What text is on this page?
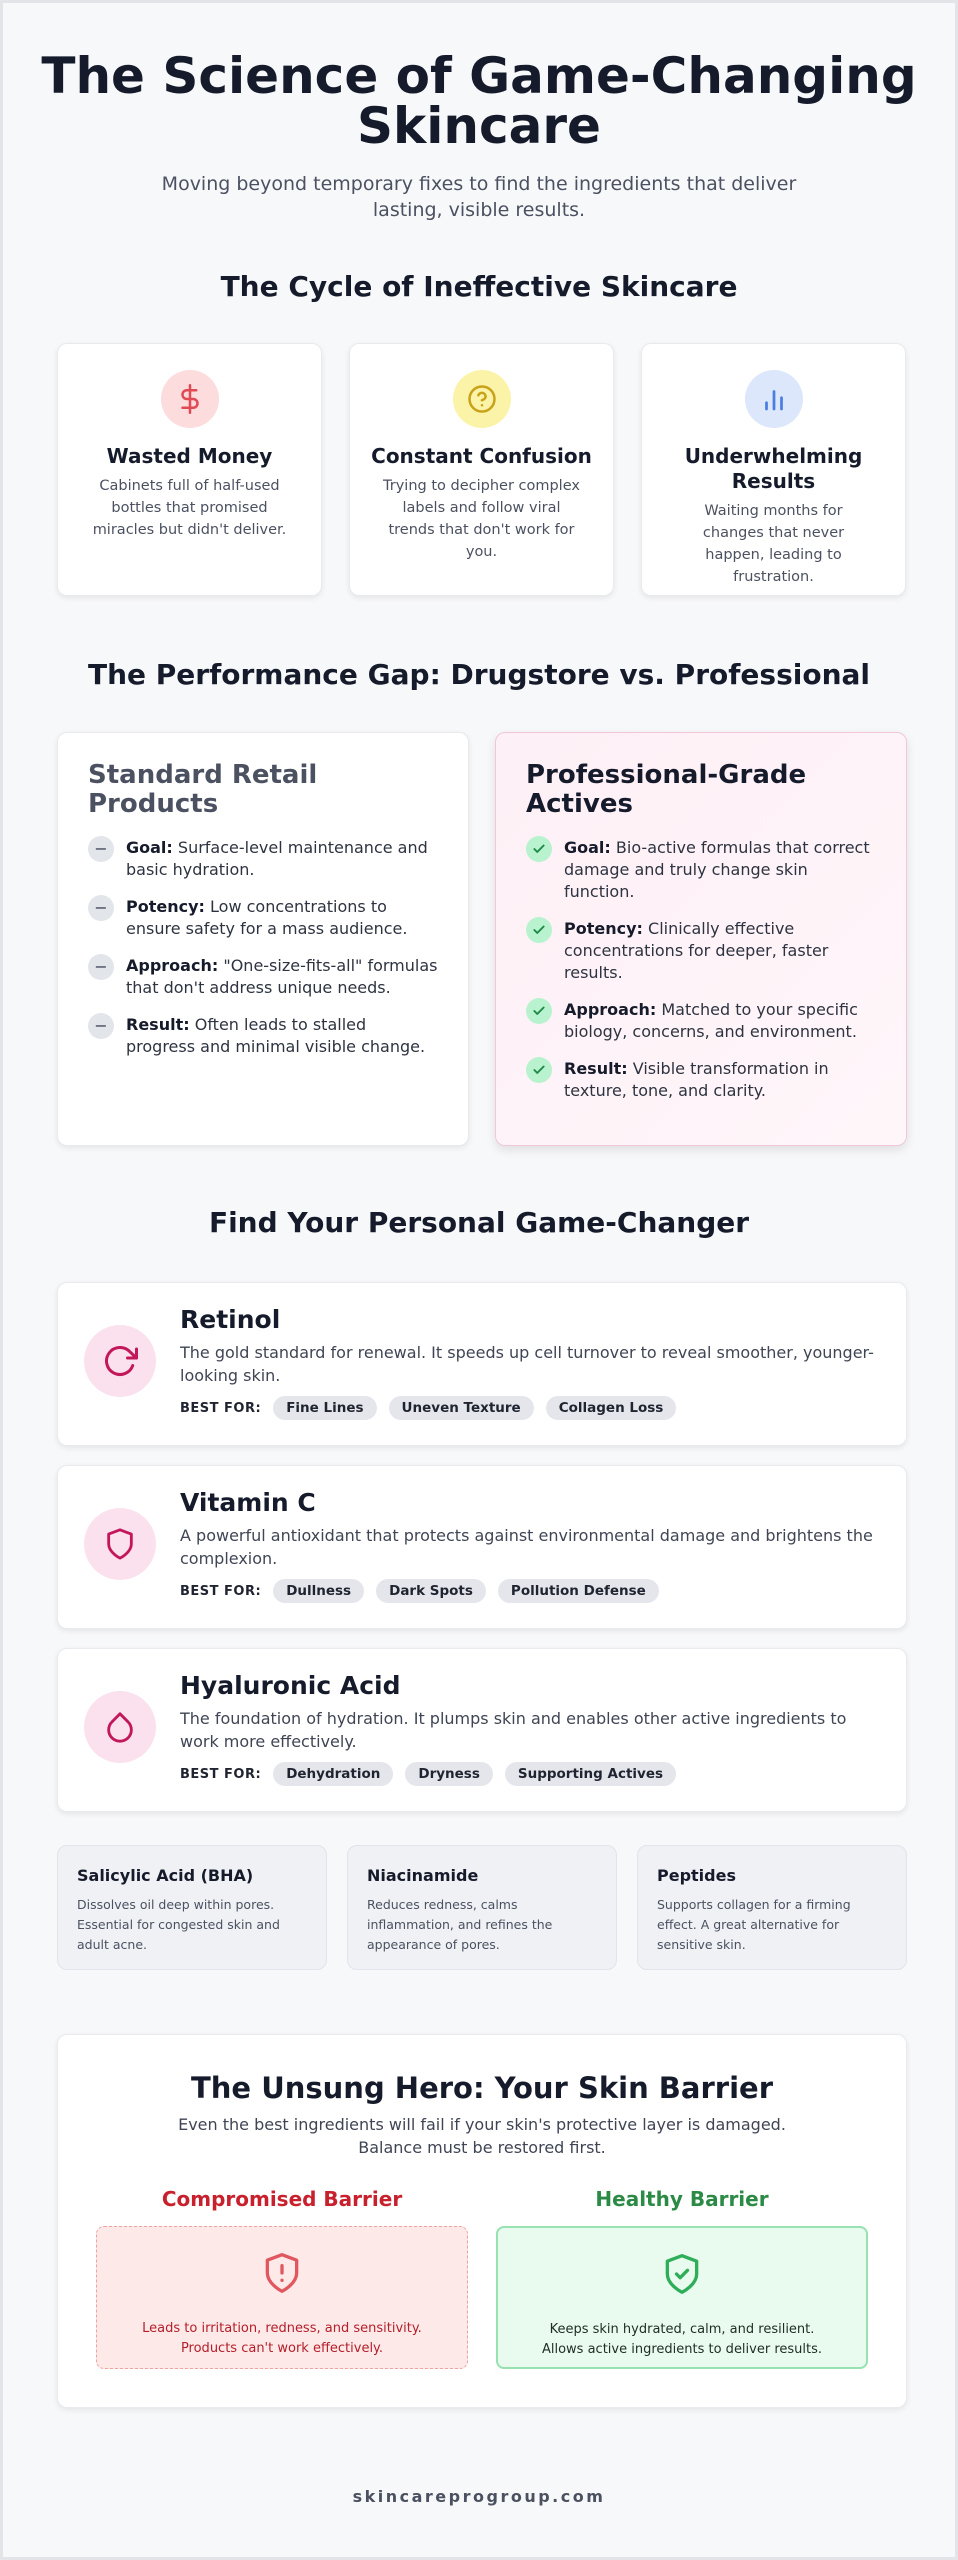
The Science of Game-Changing
Skincare

Moving beyond temporary fixes to find the ingredients that deliver lasting, visible results.

The Cycle of Ineffective Skincare
Wasted Money
Cabinets full of half-used bottles that promised miracles but didn't deliver.
Constant Confusion
Trying to decipher complex labels and follow viral trends that don't work for you.
Underwhelming Results
Waiting months for changes that never happen, leading to frustration.
The Performance Gap: Drugstore vs. Professional
Standard Retail Products
−	Goal: Surface-level maintenance and basic hydration.
−	Potency: Low concentrations to ensure safety for a mass audience.
−	Approach: "One-size-fits-all" formulas that don't address unique needs.
−	Result: Often leads to stalled progress and minimal visible change.
Professional-Grade Actives
Goal: Bio-active formulas that correct damage and truly change skin function.
Potency: Clinically effective concentrations for deeper, faster results.
Approach: Matched to your specific biology, concerns, and environment.
Result: Visible transformation in texture, tone, and clarity.
Find Your Personal Game-Changer
Retinol
The gold standard for renewal. It speeds up cell turnover to reveal smoother, younger-looking skin.
BEST FOR:	Fine Lines	Uneven Texture	Collagen Loss
Vitamin C
A powerful antioxidant that protects against environmental damage and brightens the complexion.
BEST FOR:	Dullness	Dark Spots	Pollution Defense
Hyaluronic Acid
The foundation of hydration. It plumps skin and enables other active ingredients to work more effectively.
BEST FOR:	Dehydration	Dryness	Supporting Actives
Salicylic Acid (BHA)
Dissolves oil deep within pores. Essential for congested skin and adult acne.
Niacinamide
Reduces redness, calms inflammation, and refines the appearance of pores.
Peptides
Supports collagen for a firming effect. A great alternative for sensitive skin.
The Unsung Hero: Your Skin Barrier
Even the best ingredients will fail if your skin's protective layer is damaged. Balance must be restored first.
Compromised Barrier	Healthy Barrier
Leads to irritation, redness, and sensitivity. Products can't work effectively.
Keeps skin hydrated, calm, and resilient. Allows active ingredients to deliver results.
skincareprogroup.com
